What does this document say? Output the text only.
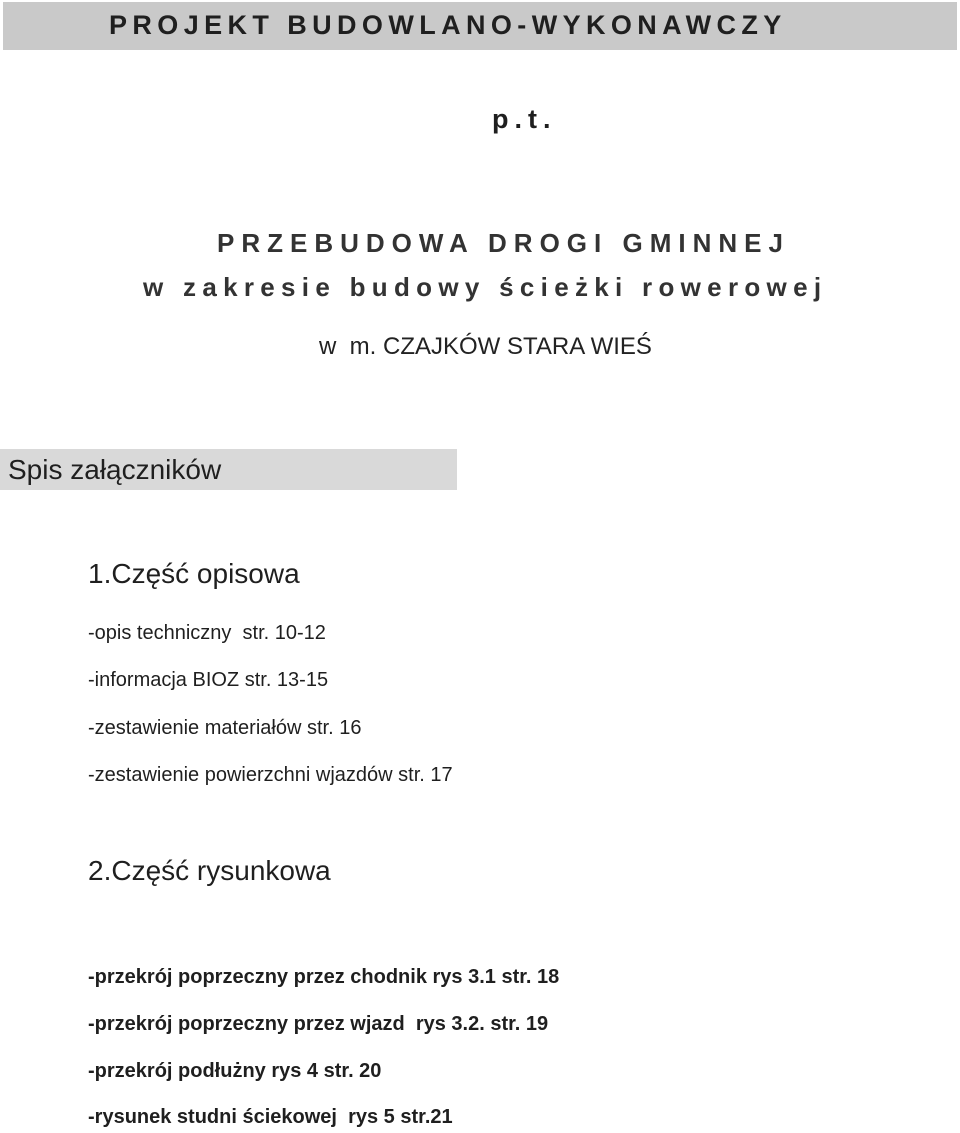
PROJEKT BUDOWLANO-WYKONAWCZY
p.t.
PRZEBUDOWA DROGI GMINNEJ
w zakresie budowy ścieżki rowerowej
w  m. CZAJKÓW STARA WIEŚ
Spis załączników
1.Część opisowa
-opis techniczny  str. 10-12
-informacja BIOZ str. 13-15
-zestawienie materiałów str. 16
-zestawienie powierzchni wjazdów str. 17
2.Część rysunkowa
-przekrój poprzeczny przez chodnik rys 3.1 str. 18
-przekrój poprzeczny przez wjazd  rys 3.2. str. 19
-przekrój podłużny rys 4 str. 20
-rysunek studni ściekowej  rys 5 str.21
